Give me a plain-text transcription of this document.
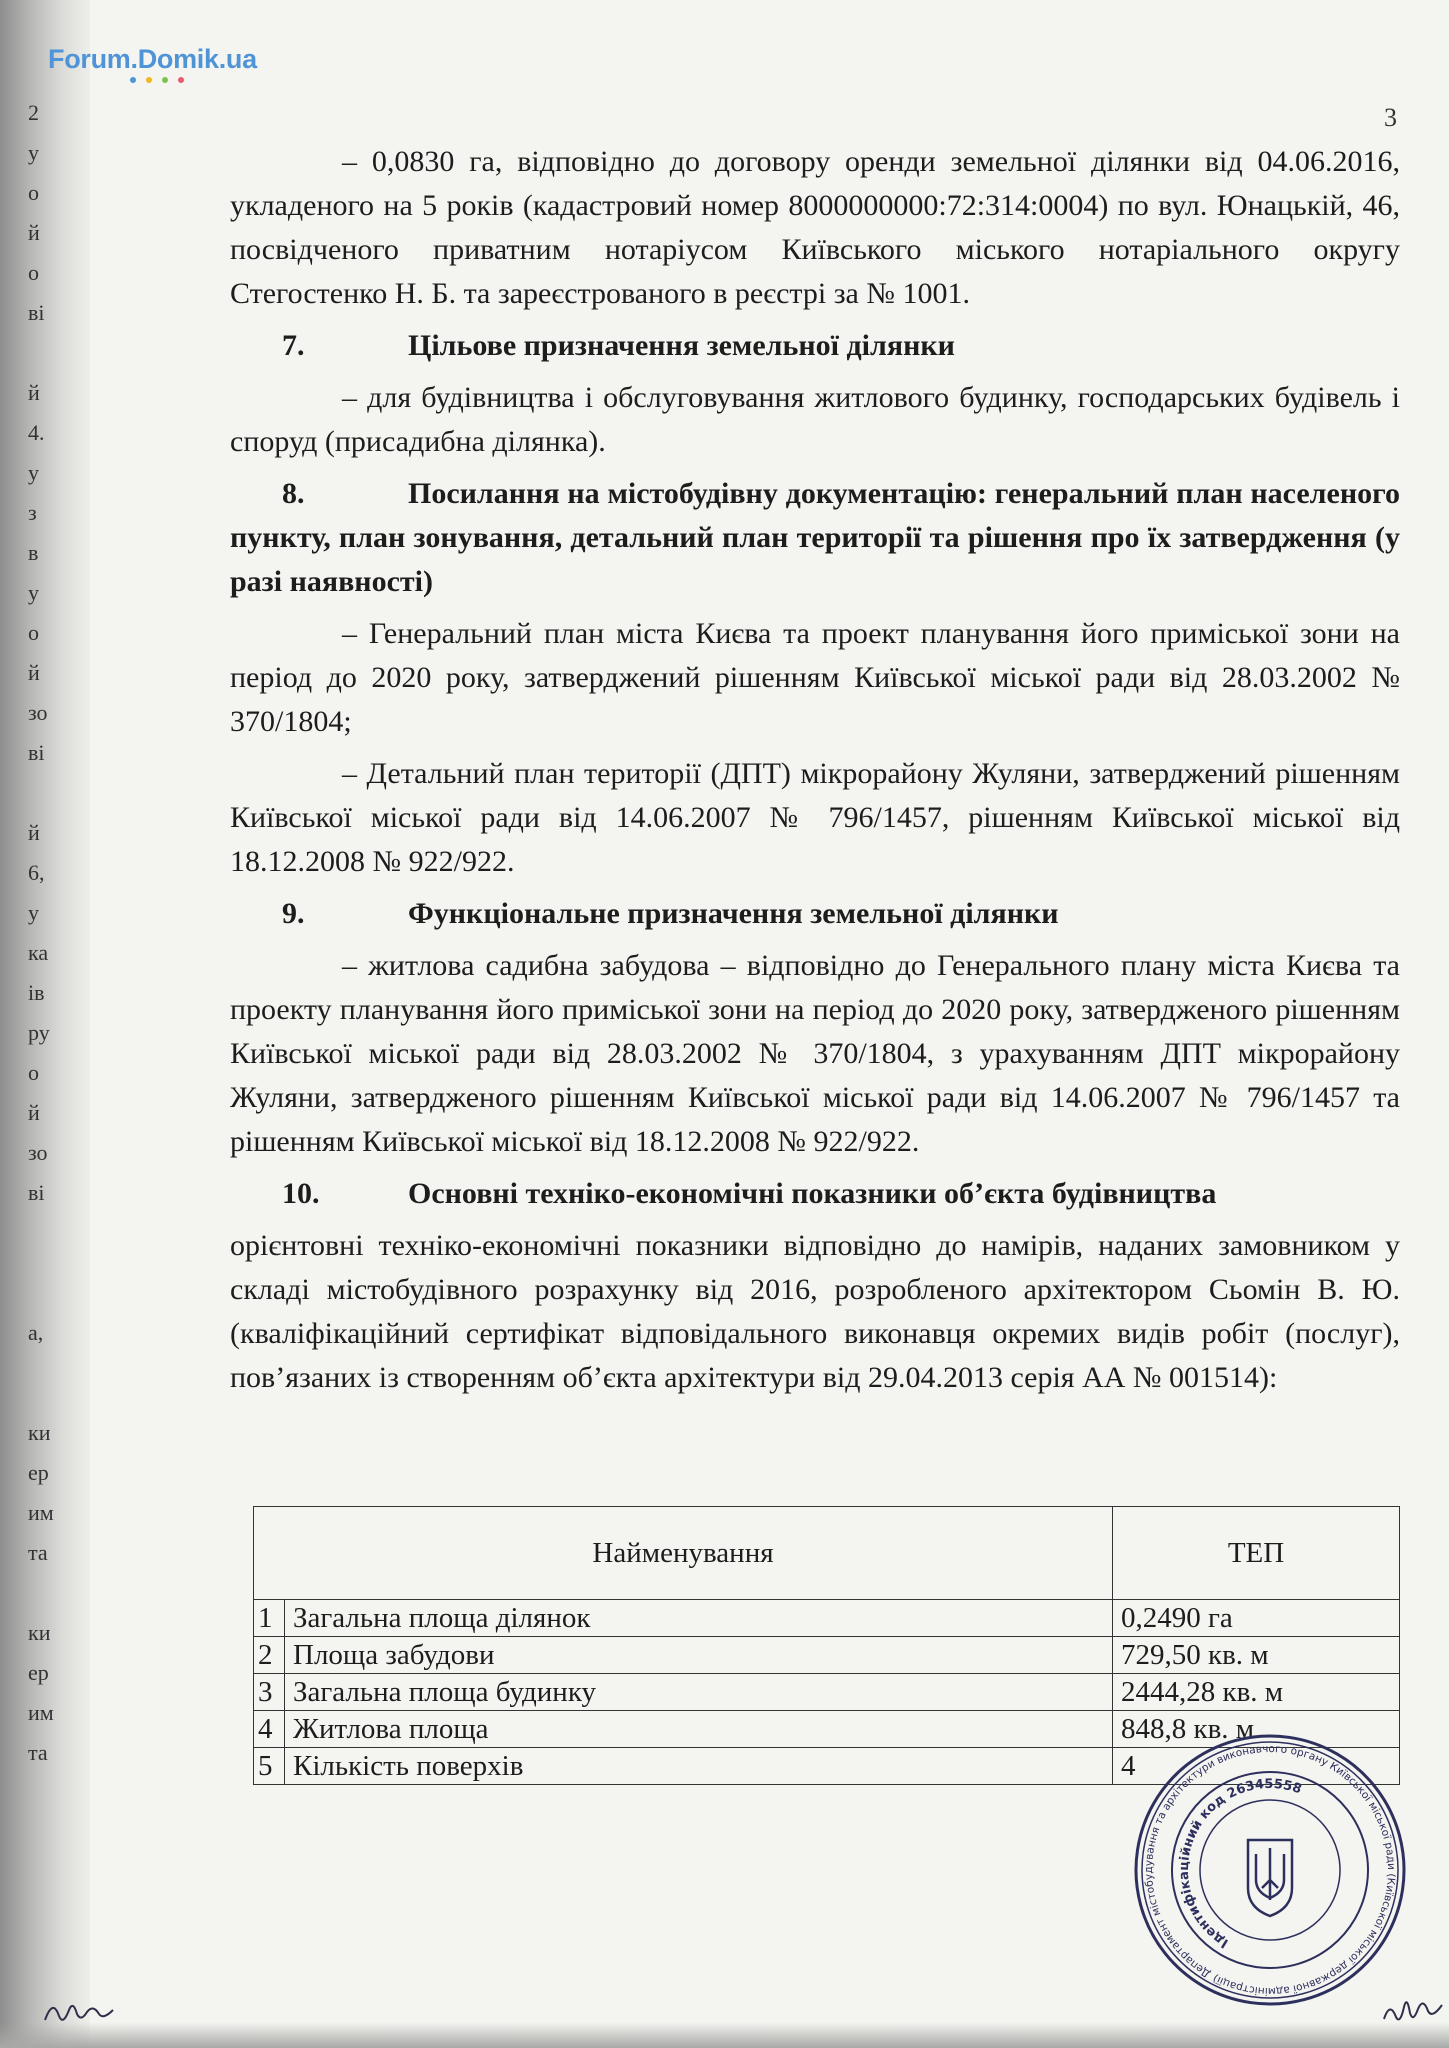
2
у
о
й
о
ві
й
4.
у
з
в
у
о
й
зо
ві
й
6,
у
ка
ів
ру
о
й
зо
ві
а,
ки
ер
им
та
ки
ер
им
та
Forum.Domik.ua
3

– 0,0830 га, відповідно до договору оренди земельної ділянки від 04.06.2016, укладеного на 5 років (кадастровий номер 8000000000:72:314:0004) по вул. Юнацькій, 46, посвідченого приватним нотаріусом Київського міського нотаріального округу Стегостенко Н. Б. та зареєстрованого в реєстрі за № 1001.

7.	Цільове призначення земельної ділянки

– для будівництва і обслуговування житлового будинку, господарських будівель і споруд (присадибна ділянка).

8.	Посилання на містобудівну документацію: генеральний план населеного пункту, план зонування, детальний план території та рішення про їх затвердження (у разі наявності)

– Генеральний план міста Києва та проект планування його приміської зони на період до 2020 року, затверджений рішенням Київської міської ради від 28.03.2002 № 370/1804;

– Детальний план території (ДПТ) мікрорайону Жуляни, затверджений рішенням Київської міської ради від 14.06.2007 № 796/1457, рішенням Київської міської від 18.12.2008 № 922/922.

9.	Функціональне призначення земельної ділянки

– житлова садибна забудова – відповідно до Генерального плану міста Києва та проекту планування його приміської зони на період до 2020 року, затвердженого рішенням Київської міської ради від 28.03.2002 № 370/1804, з урахуванням ДПТ мікрорайону Жуляни, затвердженого рішенням Київської міської ради від 14.06.2007 № 796/1457 та рішенням Київської міської від 18.12.2008 № 922/922.

10.	Основні техніко-економічні показники об’єкта будівництва

орієнтовні техніко-економічні показники відповідно до намірів, наданих замовником у складі містобудівного розрахунку від 2016, розробленого архітектором Сьомін В. Ю. (кваліфікаційний сертифікат відповідального виконавця окремих видів робіт (послуг), пов’язаних із створенням об’єкта архітектури від 29.04.2013 серія АА № 001514):

Найменування		ТЕП
1	Загальна площа ділянок	0,2490 га
2	Площа забудови	729,50 кв. м
3	Загальна площа будинку	2444,28 кв. м
4	Житлова площа	848,8 кв. м
5	Кількість поверхів	4
Департамент містобудування та архітектури виконавчого органу Київської міської ради (Київської міської державної адміністрації)
Ідентифікаційний код 26345558
